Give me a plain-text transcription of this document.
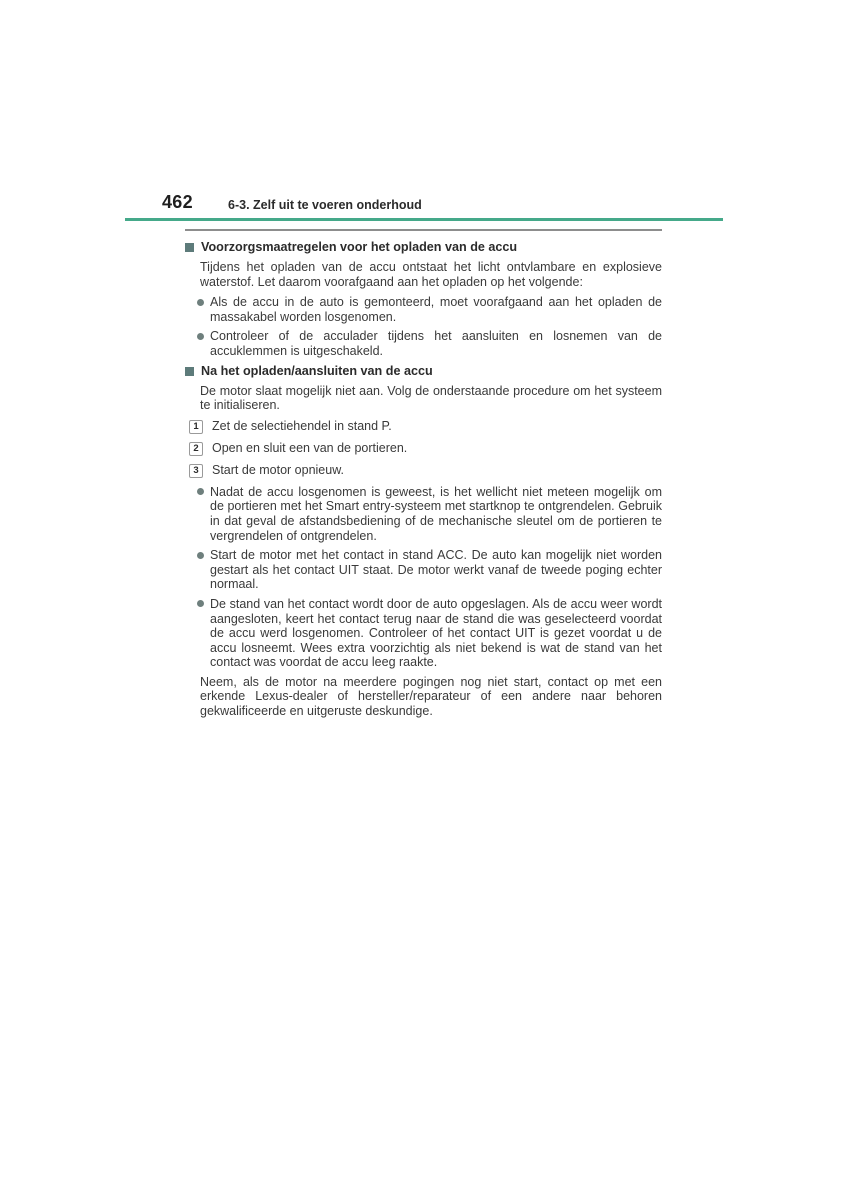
462	6-3. Zelf uit te voeren onderhoud
Voorzorgsmaatregelen voor het opladen van de accu

Tijdens het opladen van de accu ontstaat het licht ontvlambare en explosieve waterstof. Let daarom voorafgaand aan het opladen op het volgende:

Als de accu in de auto is gemonteerd, moet voorafgaand aan het opladen de massakabel worden losgenomen.
Controleer of de acculader tijdens het aansluiten en losnemen van de accuklemmen is uitgeschakeld.
Na het opladen/aansluiten van de accu

De motor slaat mogelijk niet aan. Volg de onderstaande procedure om het systeem te initialiseren.

1	Zet de selectiehendel in stand P.
2	Open en sluit een van de portieren.
3	Start de motor opnieuw.
Nadat de accu losgenomen is geweest, is het wellicht niet meteen mogelijk om de portieren met het Smart entry-systeem met startknop te ontgrendelen. Gebruik in dat geval de afstandsbediening of de mechanische sleutel om de portieren te vergrendelen of ontgrendelen.
Start de motor met het contact in stand ACC. De auto kan mogelijk niet worden gestart als het contact UIT staat. De motor werkt vanaf de tweede poging echter normaal.
De stand van het contact wordt door de auto opgeslagen. Als de accu weer wordt aangesloten, keert het contact terug naar de stand die was geselecteerd voordat de accu werd losgenomen. Controleer of het contact UIT is gezet voordat u de accu losneemt. Wees extra voorzichtig als niet bekend is wat de stand van het contact was voordat de accu leeg raakte.

Neem, als de motor na meerdere pogingen nog niet start, contact op met een erkende Lexus-dealer of hersteller/reparateur of een andere naar behoren gekwalificeerde en uitgeruste deskundige.
